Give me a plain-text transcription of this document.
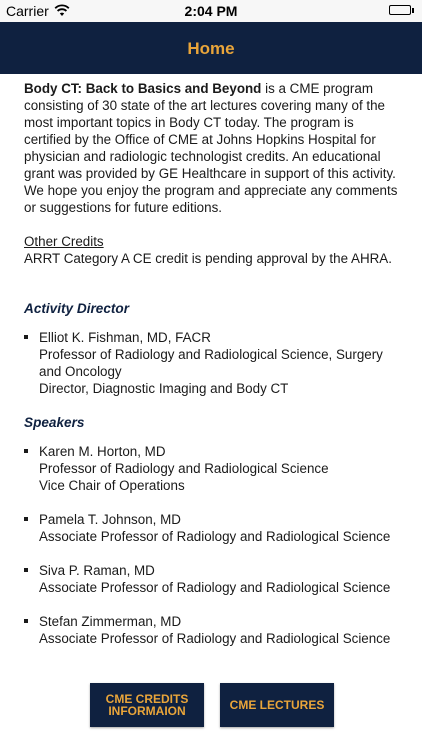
Carrier	2:04 PM
Home

Body CT: Back to Basics and Beyond is a CME program consisting of 30 state of the art lectures covering many of the most important topics in Body CT today. The program is certified by the Office of CME at Johns Hopkins Hospital for physician and radiologic technologist credits. An educational grant was provided by GE Healthcare in support of this activity. We hope you enjoy the program and appreciate any comments or suggestions for future editions.

Other Credits
ARRT Category A CE credit is pending approval by the AHRA.
Activity Director
Elliot K. Fishman, MD, FACR
Professor of Radiology and Radiological Science, Surgery and Oncology
Director, Diagnostic Imaging and Body CT
Speakers
Karen M. Horton, MD
Professor of Radiology and Radiological Science
Vice Chair of Operations
Pamela T. Johnson, MD
Associate Professor of Radiology and Radiological Science
Siva P. Raman, MD
Associate Professor of Radiology and Radiological Science
Stefan Zimmerman, MD
Associate Professor of Radiology and Radiological Science
CME CREDITS
INFORMAION	CME LECTURES
